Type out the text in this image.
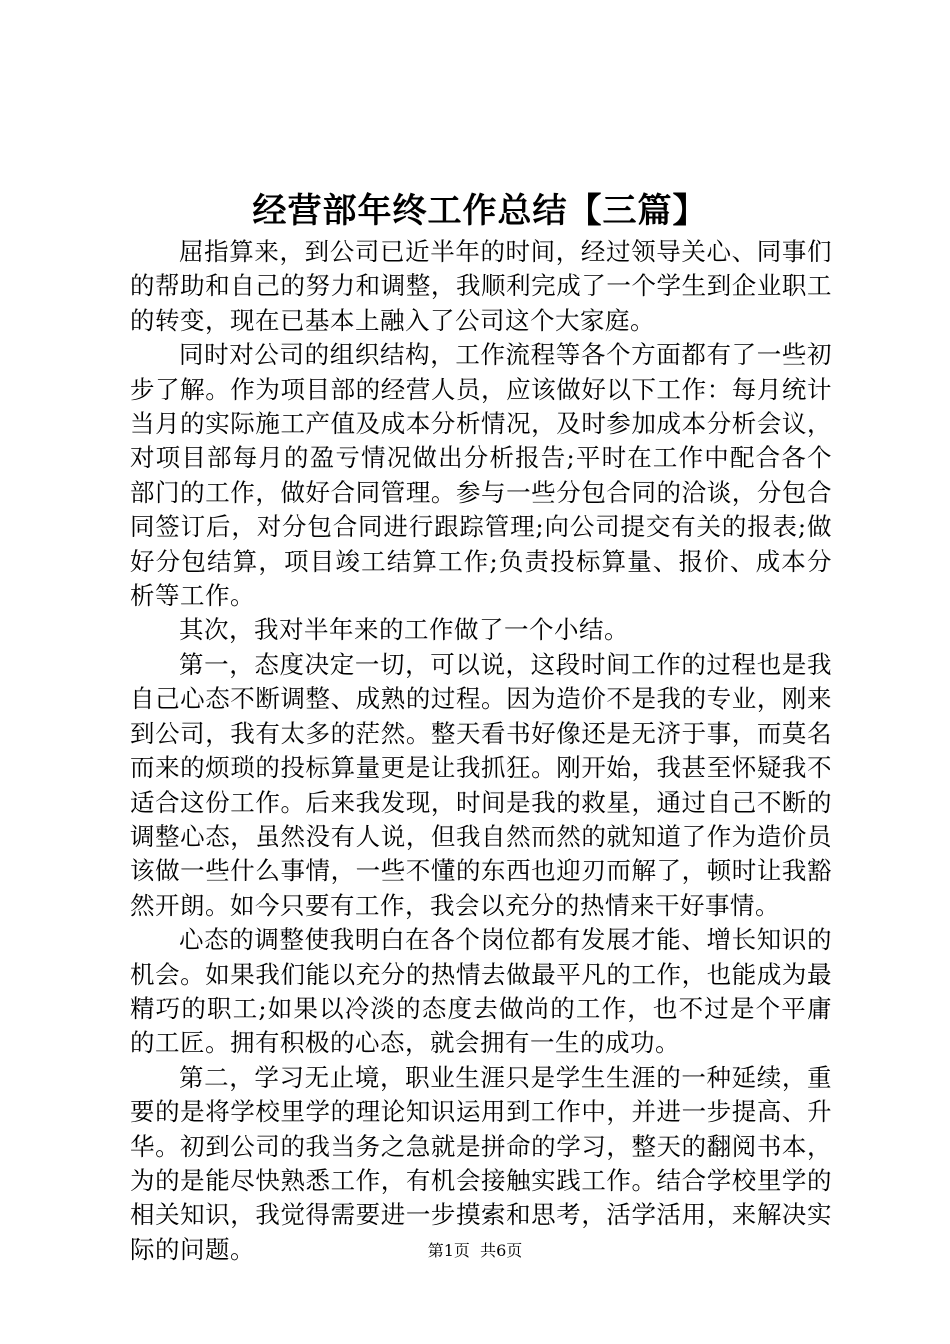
经营部年终工作总结【三篇】

屈指算来，到公司已近半年的时间，经过领导关心、同事们的帮助和自己的努力和调整，我顺利完成了一个学生到企业职工的转变，现在已基本上融入了公司这个大家庭。

同时对公司的组织结构，工作流程等各个方面都有了一些初步了解。作为项目部的经营人员，应该做好以下工作：每月统计当月的实际施工产值及成本分析情况，及时参加成本分析会议，对项目部每月的盈亏情况做出分析报告;平时在工作中配合各个部门的工作，做好合同管理。参与一些分包合同的洽谈，分包合同签订后，对分包合同进行跟踪管理;向公司提交有关的报表;做好分包结算，项目竣工结算工作;负责投标算量、报价、成本分析等工作。

其次，我对半年来的工作做了一个小结。

第一，态度决定一切，可以说，这段时间工作的过程也是我自己心态不断调整、成熟的过程。因为造价不是我的专业，刚来到公司，我有太多的茫然。整天看书好像还是无济于事，而莫名而来的烦琐的投标算量更是让我抓狂。刚开始，我甚至怀疑我不适合这份工作。后来我发现，时间是我的救星，通过自己不断的调整心态，虽然没有人说，但我自然而然的就知道了作为造价员该做一些什么事情，一些不懂的东西也迎刃而解了，顿时让我豁然开朗。如今只要有工作，我会以充分的热情来干好事情。

心态的调整使我明白在各个岗位都有发展才能、增长知识的机会。如果我们能以充分的热情去做最平凡的工作，也能成为最精巧的职工;如果以冷淡的态度去做尚的工作，也不过是个平庸的工匠。拥有积极的心态，就会拥有一生的成功。

第二，学习无止境，职业生涯只是学生生涯的一种延续，重要的是将学校里学的理论知识运用到工作中，并进一步提高、升华。初到公司的我当务之急就是拼命的学习，整天的翻阅书本，为的是能尽快熟悉工作，有机会接触实践工作。结合学校里学的相关知识，我觉得需要进一步摸索和思考，活学活用，来解决实际的问题。	第1页  共6页
